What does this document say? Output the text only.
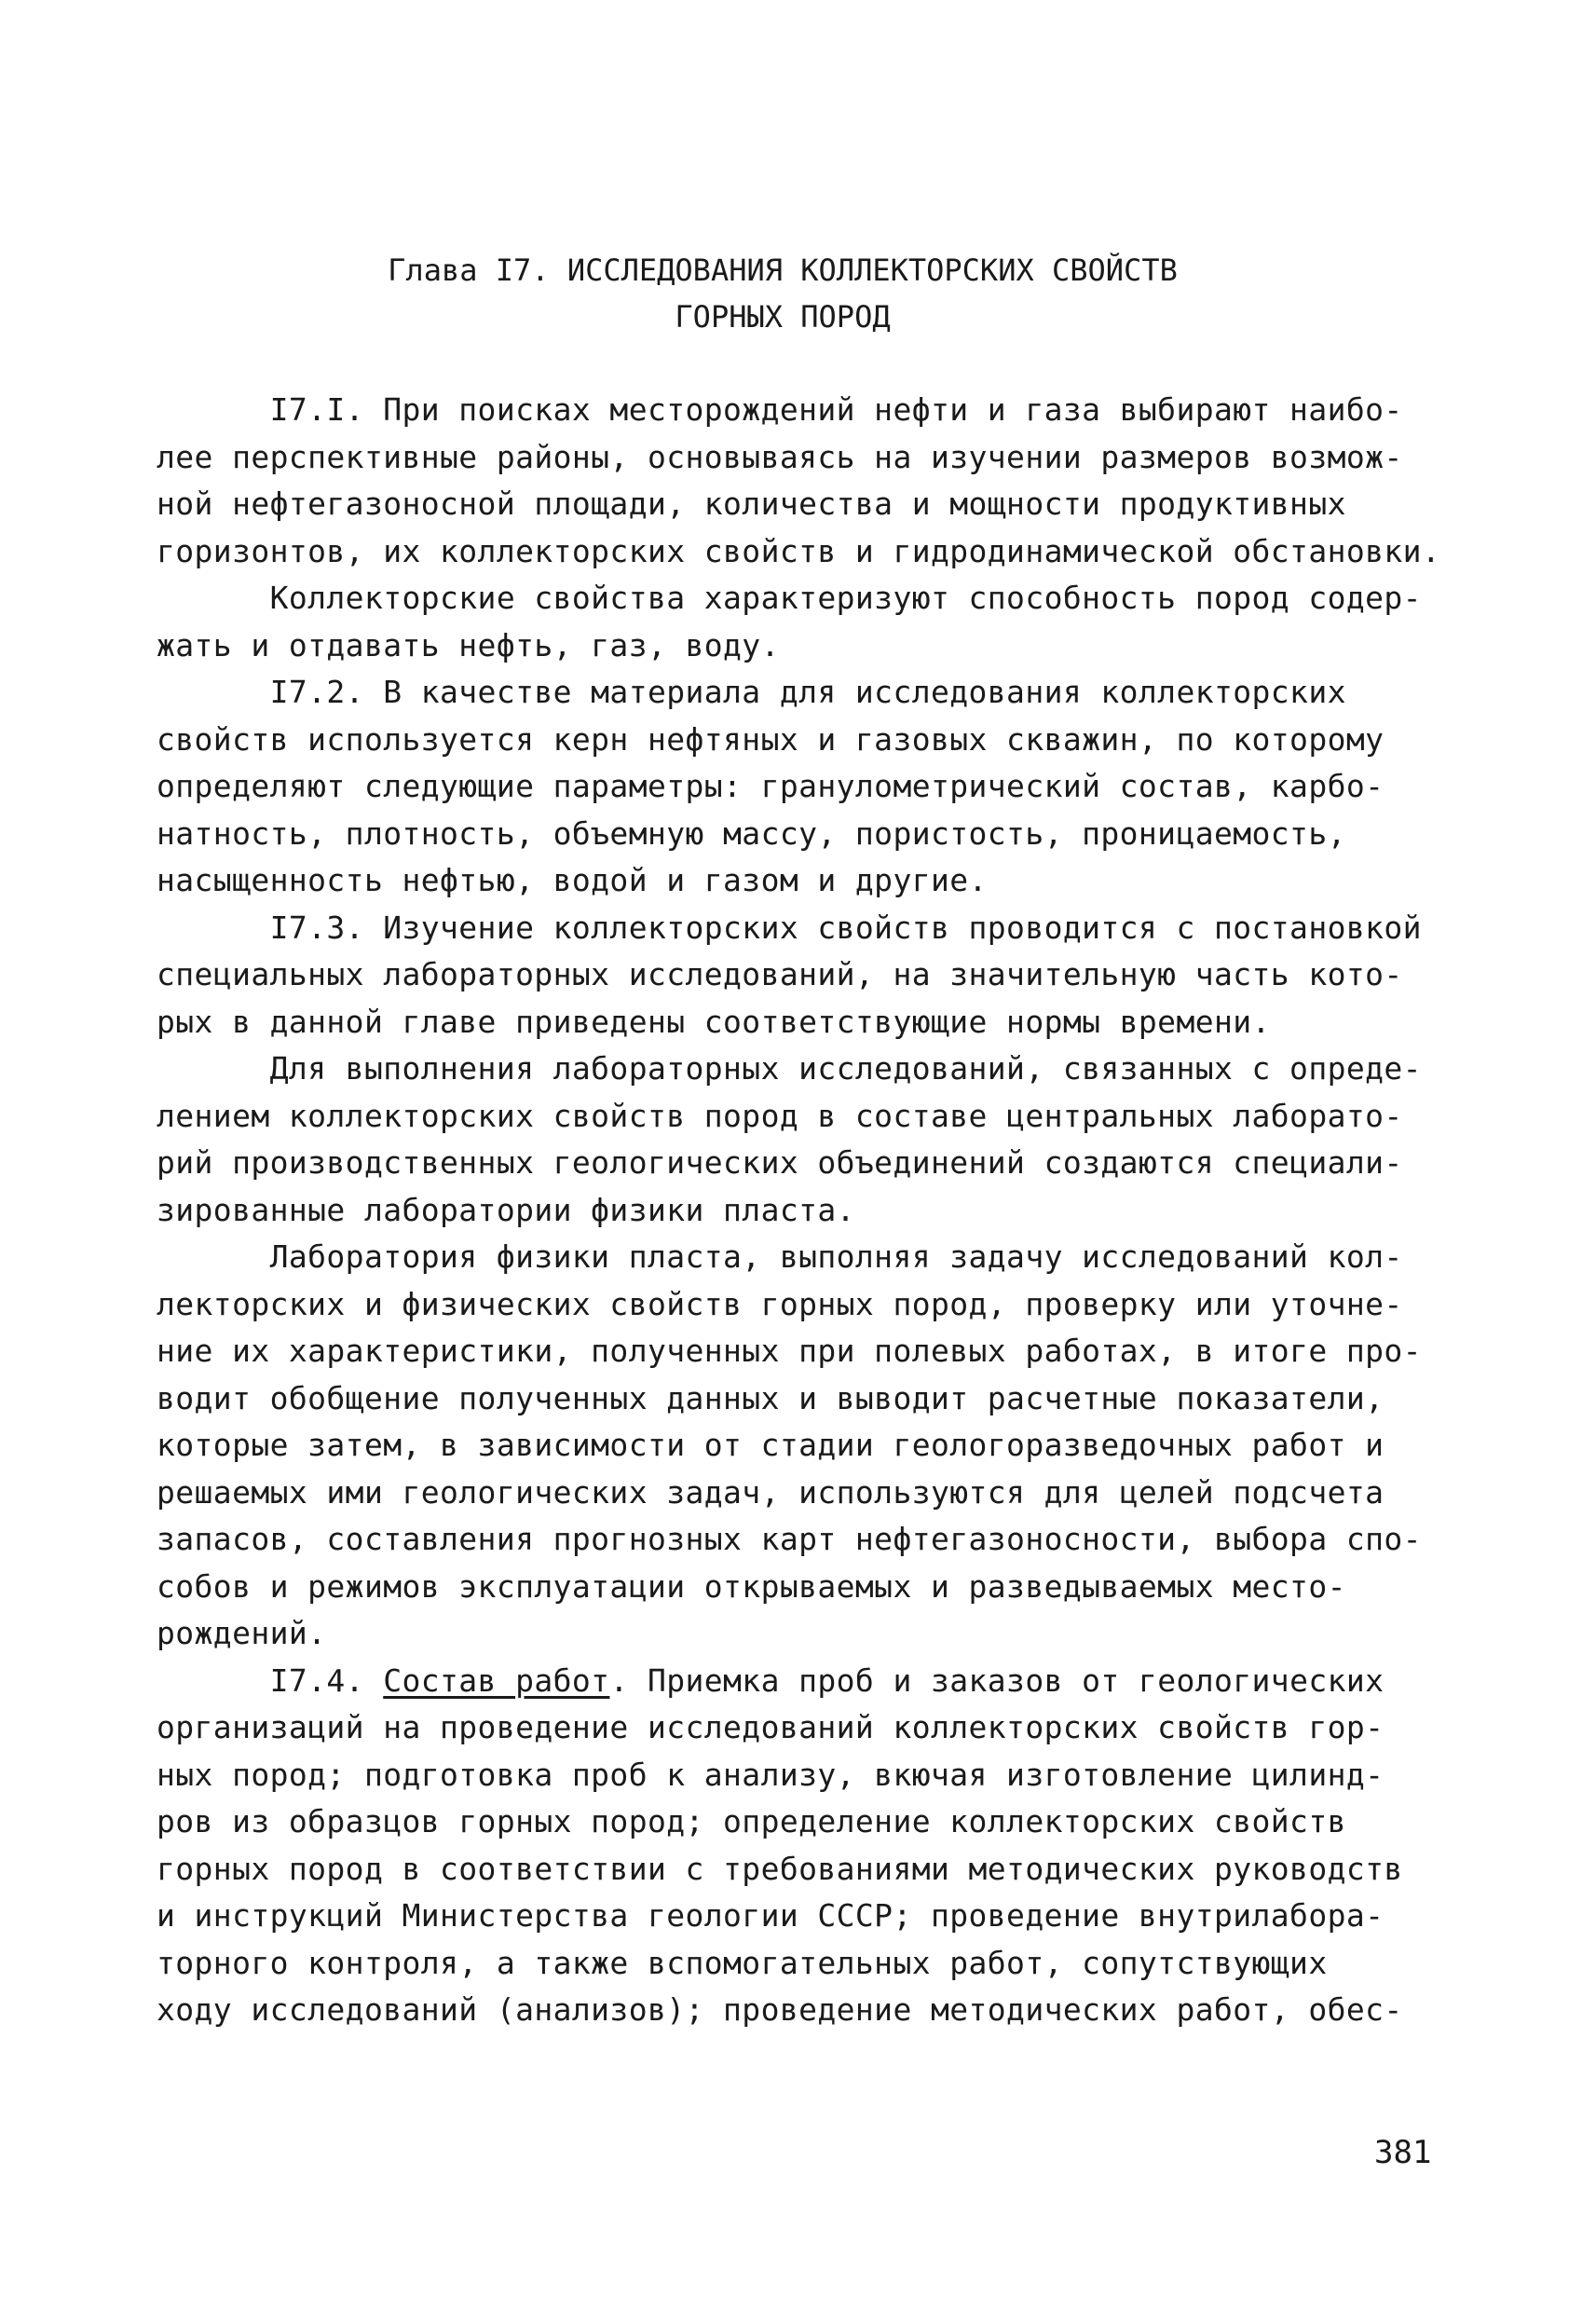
Глава I7. ИССЛЕДОВАНИЯ КОЛЛЕКТОРСКИХ СВОЙСТВ
ГОРНЫХ ПОРОД
I7.I. При поисках месторождений нефти и газа выбирают наибо-
лее перспективные районы, основываясь на изучении размеров возмож-
ной нефтегазоносной площади, количества и мощности продуктивных
горизонтов, их коллекторских свойств и гидродинамической обстановки.
Коллекторские свойства характеризуют способность пород содер-
жать и отдавать нефть, газ, воду.
I7.2. В качестве материала для исследования коллекторских
свойств используется керн нефтяных и газовых скважин, по которому
определяют следующие параметры: гранулометрический состав, карбо-
натность, плотность, объемную массу, пористость, проницаемость,
насыщенность нефтью, водой и газом и другие.
I7.3. Изучение коллекторских свойств проводится с постановкой
специальных лабораторных исследований, на значительную часть кото-
рых в данной главе приведены соответствующие нормы времени.
Для выполнения лабораторных исследований, связанных с опреде-
лением коллекторских свойств пород в составе центральных лаборато-
рий производственных геологических объединений создаются специали-
зированные лаборатории физики пласта.
Лаборатория физики пласта, выполняя задачу исследований кол-
лекторских и физических свойств горных пород, проверку или уточне-
ние их характеристики, полученных при полевых работах, в итоге про-
водит обобщение полученных данных и выводит расчетные показатели,
которые затем, в зависимости от стадии геологоразведочных работ и
решаемых ими геологических задач, используются для целей подсчета
запасов, составления прогнозных карт нефтегазоносности, выбора спо-
собов и режимов эксплуатации открываемых и разведываемых место-
рождений.
I7.4. Состав работ. Приемка проб и заказов от геологических
организаций на проведение исследований коллекторских свойств гор-
ных пород; подготовка проб к анализу, вкючая изготовление цилинд-
ров из образцов горных пород; определение коллекторских свойств
горных пород в соответствии с требованиями методических руководств
и инструкций Министерства геологии СССР; проведение внутрилабора-
торного контроля, а также вспомогательных работ, сопутствующих
ходу исследований (анализов); проведение методических работ, обес-
381
